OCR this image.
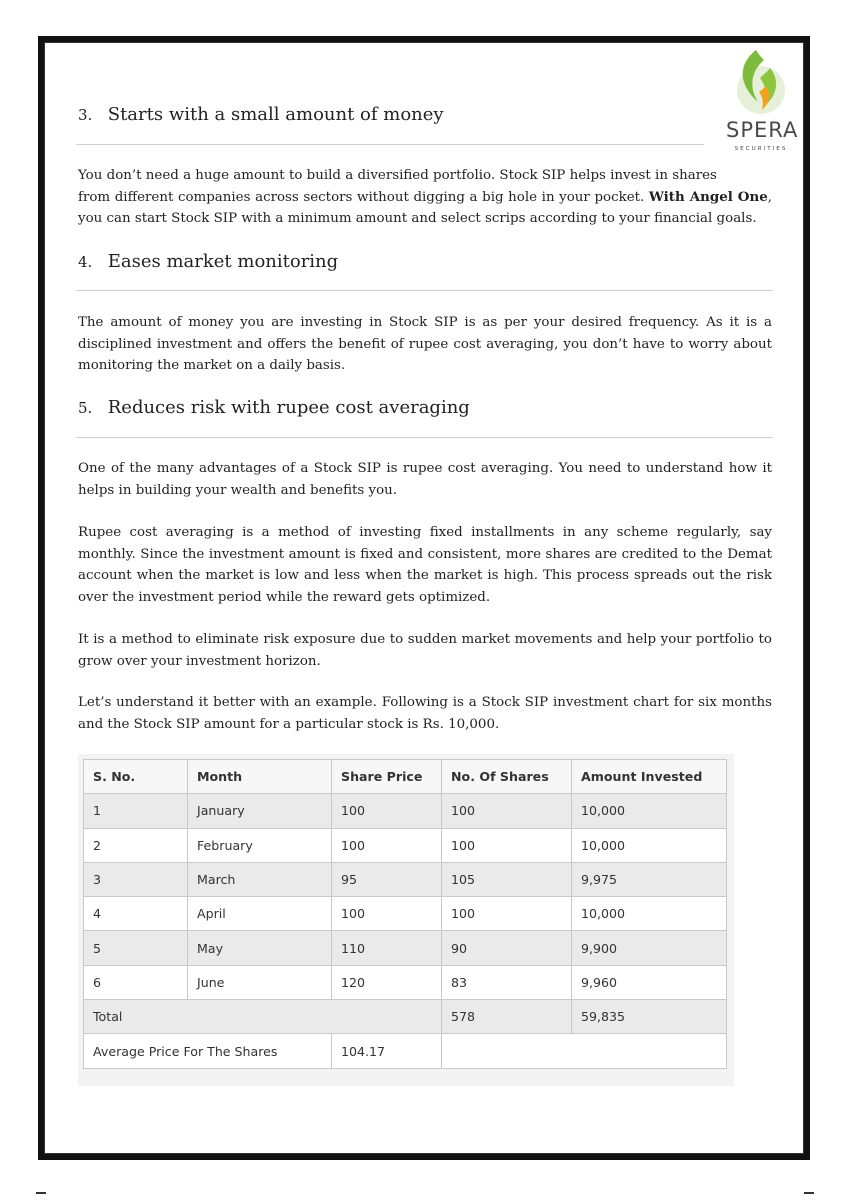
SPERA
SECURITIES
3. Starts with a small amount of money
You don’t need a huge amount to build a diversified portfolio. Stock SIP helps invest in shares
from different companies across sectors without digging a big hole in your pocket. With Angel One, you can start Stock SIP with a minimum amount and select scrips according to your financial goals.
4. Eases market monitoring
The amount of money you are investing in Stock SIP is as per your desired frequency. As it is a disciplined investment and offers the benefit of rupee cost averaging, you don’t have to worry about monitoring the market on a daily basis.
5. Reduces risk with rupee cost averaging
One of the many advantages of a Stock SIP is rupee cost averaging. You need to understand how it helps in building your wealth and benefits you.
Rupee cost averaging is a method of investing fixed installments in any scheme regularly, say monthly. Since the investment amount is fixed and consistent, more shares are credited to the Demat account when the market is low and less when the market is high. This process spreads out the risk over the investment period while the reward gets optimized.
It is a method to eliminate risk exposure due to sudden market movements and help your portfolio to grow over your investment horizon.
Let’s understand it better with an example. Following is a Stock SIP investment chart for six months and the Stock SIP amount for a particular stock is Rs. 10,000.
S. No.	Month	Share Price	No. Of Shares	Amount Invested
1	January	100	100	10,000
2	February	100	100	10,000
3	March	95	105	9,975
4	April	100	100	10,000
5	May	110	90	9,900
6	June	120	83	9,960
Total			578	59,835
Average Price For The Shares		104.17		
